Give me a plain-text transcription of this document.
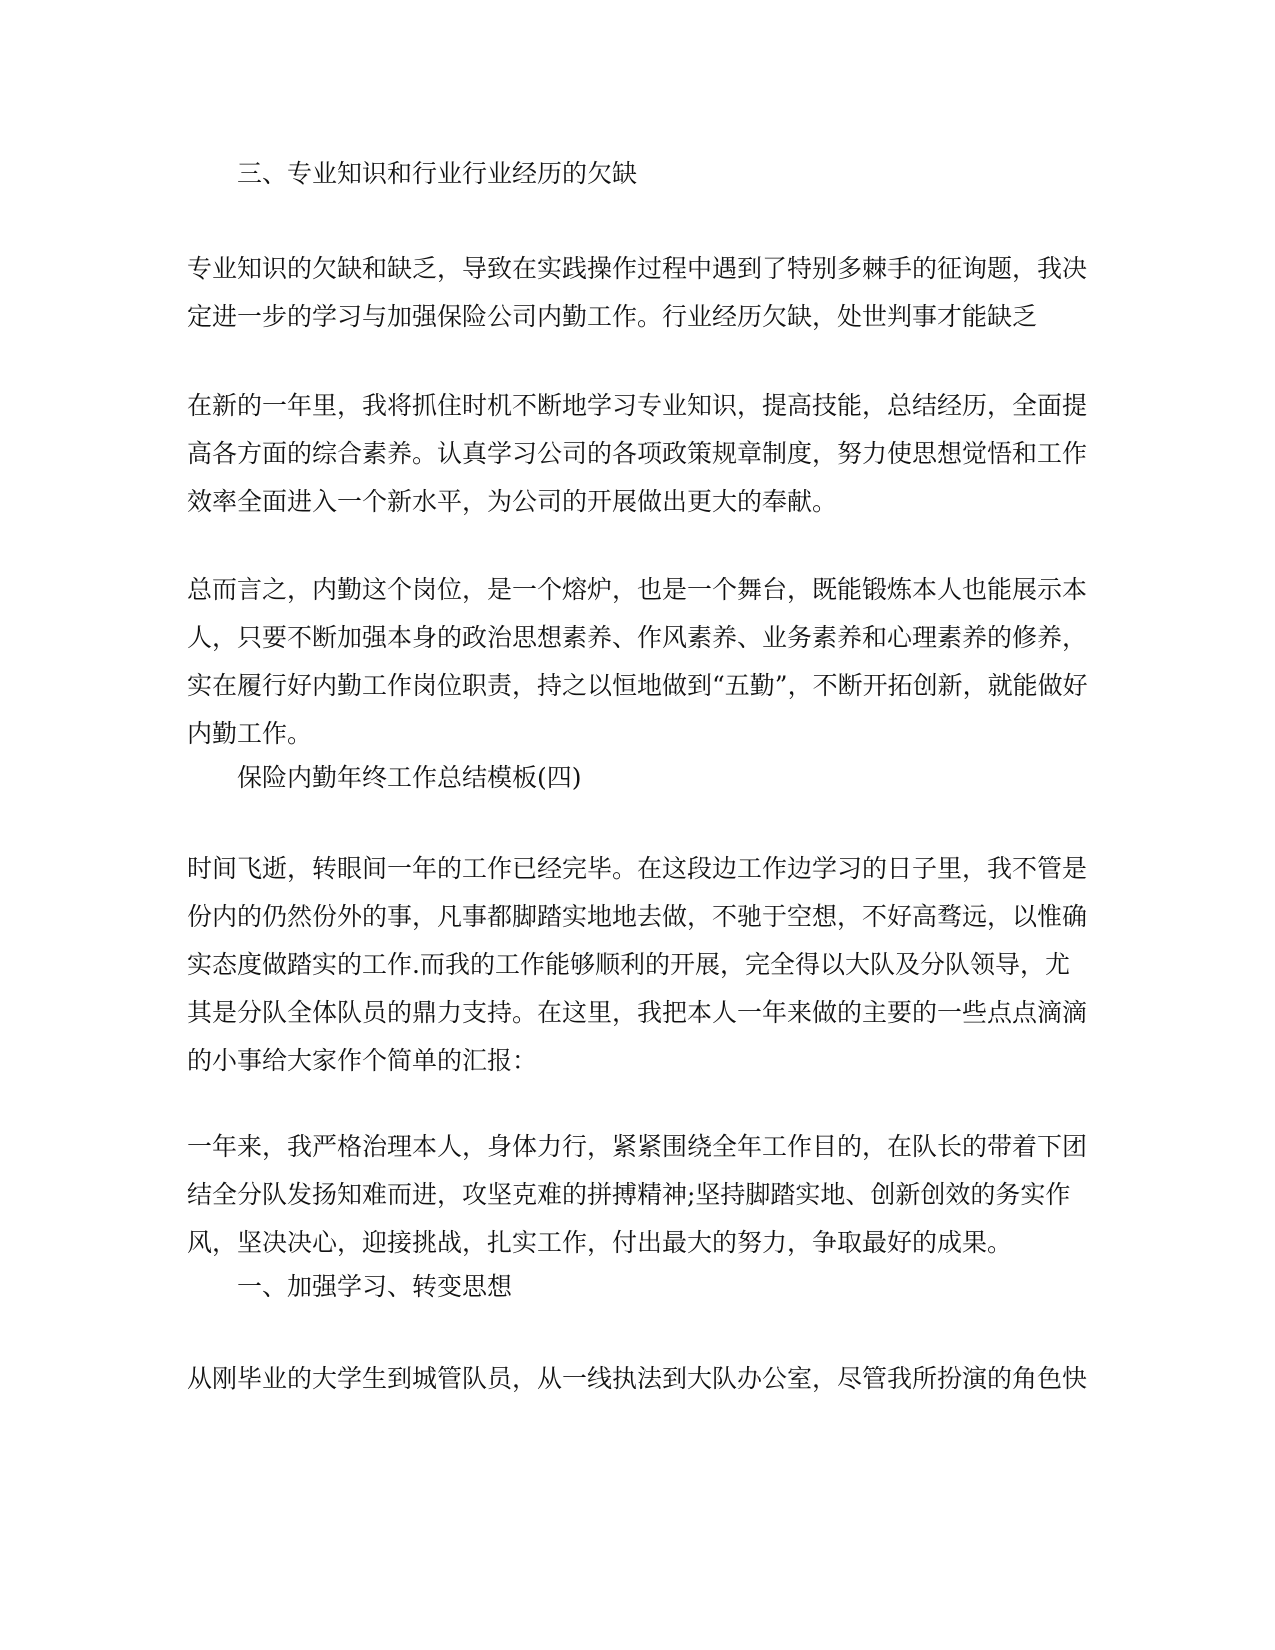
三、专业知识和行业行业经历的欠缺

专业知识的欠缺和缺乏，导致在实践操作过程中遇到了特别多棘手的征询题，我决
定进一步的学习与加强保险公司内勤工作。行业经历欠缺，处世判事才能缺乏

在新的一年里，我将抓住时机不断地学习专业知识，提高技能，总结经历，全面提
高各方面的综合素养。认真学习公司的各项政策规章制度，努力使思想觉悟和工作
效率全面进入一个新水平，为公司的开展做出更大的奉献。

总而言之，内勤这个岗位，是一个熔炉，也是一个舞台，既能锻炼本人也能展示本
人，只要不断加强本身的政治思想素养、作风素养、业务素养和心理素养的修养，
实在履行好内勤工作岗位职责，持之以恒地做到“五勤”，不断开拓创新，就能做好
内勤工作。

保险内勤年终工作总结模板(四)

时间飞逝，转眼间一年的工作已经完毕。在这段边工作边学习的日子里，我不管是
份内的仍然份外的事，凡事都脚踏实地地去做，不驰于空想，不好高骛远，以惟确
实态度做踏实的工作.而我的工作能够顺利的开展，完全得以大队及分队领导，尤
其是分队全体队员的鼎力支持。在这里，我把本人一年来做的主要的一些点点滴滴
的小事给大家作个简单的汇报：

一年来，我严格治理本人，身体力行，紧紧围绕全年工作目的，在队长的带着下团
结全分队发扬知难而进，攻坚克难的拼搏精神;坚持脚踏实地、创新创效的务实作
风，坚决决心，迎接挑战，扎实工作，付出最大的努力，争取最好的成果。

一、加强学习、转变思想

从刚毕业的大学生到城管队员，从一线执法到大队办公室，尽管我所扮演的角色快
